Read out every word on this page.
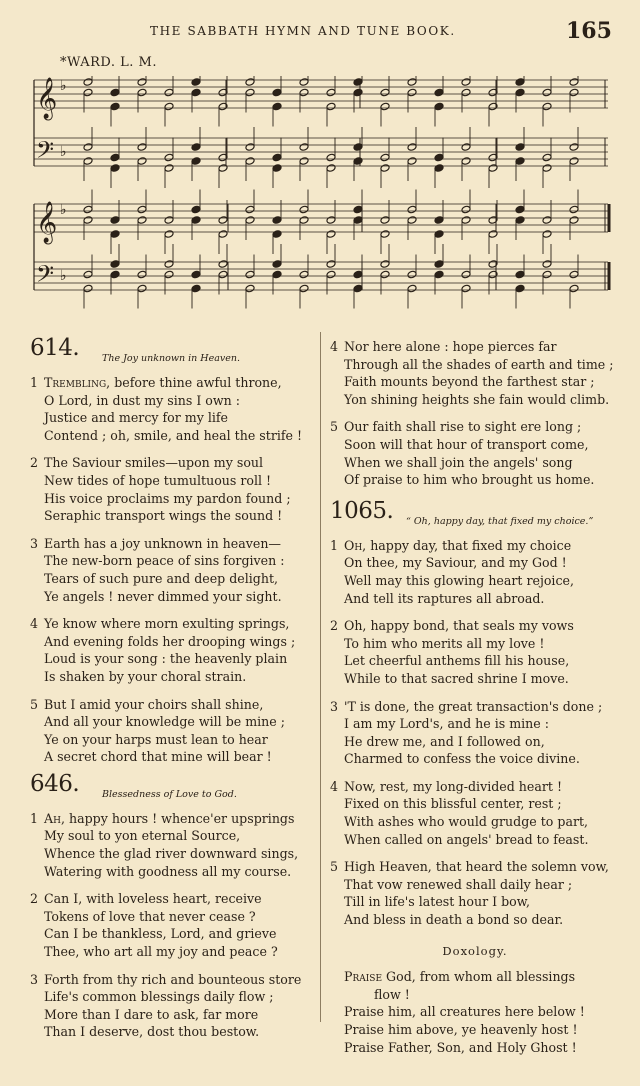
THE SABBATH HYMN AND TUNE BOOK.	165
*WARD. L. M.
𝄞 ♭
𝄢 ♭
𝄞 ♭
𝄢 ♭
614. The Joy unknown in Heaven.
1 Trembling, before thine awful throne,
O Lord, in dust my sins I own :
Justice and mercy for my life
Contend ; oh, smile, and heal the strife !
2 The Saviour smiles—upon my soul
New tides of hope tumultuous roll !
His voice proclaims my pardon found ;
Seraphic transport wings the sound !
3 Earth has a joy unknown in heaven—
The new-born peace of sins forgiven :
Tears of such pure and deep delight,
Ye angels ! never dimmed your sight.
4 Ye know where morn exulting springs,
And evening folds her drooping wings ;
Loud is your song : the heavenly plain
Is shaken by your choral strain.
5 But I amid your choirs shall shine,
And all your knowledge will be mine ;
Ye on your harps must lean to hear
A secret chord that mine will bear !
646. Blessedness of Love to God.
1 Ah, happy hours ! whence'er upsprings
My soul to yon eternal Source,
Whence the glad river downward sings,
Watering with goodness all my course.
2 Can I, with loveless heart, receive
Tokens of love that never cease ?
Can I be thankless, Lord, and grieve
Thee, who art all my joy and peace ?
3 Forth from thy rich and bounteous store
Life's common blessings daily flow ;
More than I dare to ask, far more
Than I deserve, dost thou bestow.
4 Nor here alone : hope pierces far
Through all the shades of earth and time ;
Faith mounts beyond the farthest star ;
Yon shining heights she fain would climb.
5 Our faith shall rise to sight ere long ;
Soon will that hour of transport come,
When we shall join the angels' song
Of praise to him who brought us home.
1065. “ Oh, happy day, that fixed my choice.”
1 Oh, happy day, that fixed my choice
On thee, my Saviour, and my God !
Well may this glowing heart rejoice,
And tell its raptures all abroad.
2 Oh, happy bond, that seals my vows
To him who merits all my love !
Let cheerful anthems fill his house,
While to that sacred shrine I move.
3 'T is done, the great transaction's done ;
I am my Lord's, and he is mine :
He drew me, and I followed on,
Charmed to confess the voice divine.
4 Now, rest, my long-divided heart !
Fixed on this blissful center, rest ;
With ashes who would grudge to part,
When called on angels' bread to feast.
5 High Heaven, that heard the solemn vow,
That vow renewed shall daily hear ;
Till in life's latest hour I bow,
And bless in death a bond so dear.
Doxology.
Praise God, from whom all blessings
flow !
Praise him, all creatures here below !
Praise him above, ye heavenly host !
Praise Father, Son, and Holy Ghost !
